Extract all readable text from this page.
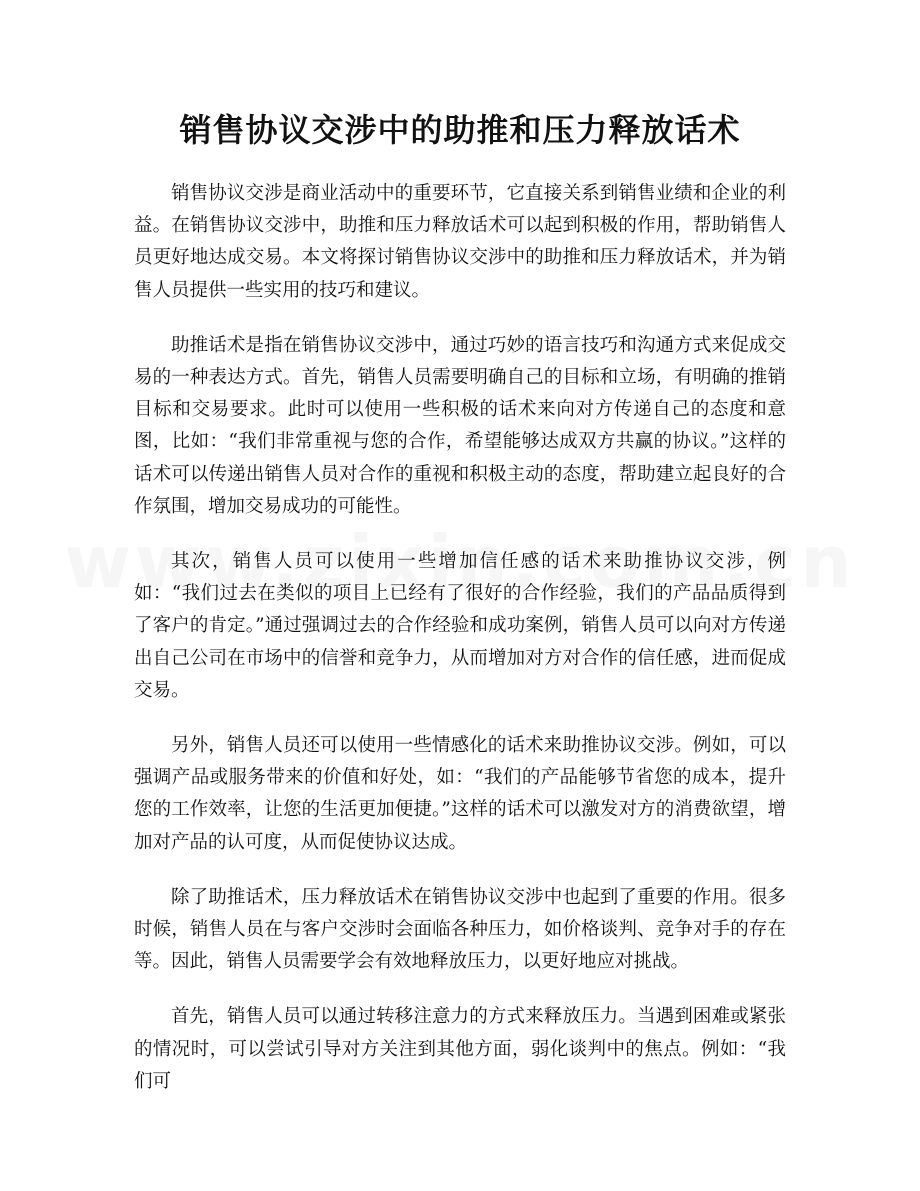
销售协议交涉中的助推和压力释放话术

销售协议交涉是商业活动中的重要环节，它直接关系到销售业绩和企业的利益。在销售协议交涉中，助推和压力释放话术可以起到积极的作用，帮助销售人员更好地达成交易。本文将探讨销售协议交涉中的助推和压力释放话术，并为销售人员提供一些实用的技巧和建议。

助推话术是指在销售协议交涉中，通过巧妙的语言技巧和沟通方式来促成交易的一种表达方式。首先，销售人员需要明确自己的目标和立场，有明确的推销目标和交易要求。此时可以使用一些积极的话术来向对方传递自己的态度和意图，比如：“我们非常重视与您的合作，希望能够达成双方共赢的协议。”这样的话术可以传递出销售人员对合作的重视和积极主动的态度，帮助建立起良好的合作氛围，增加交易成功的可能性。

其次，销售人员可以使用一些增加信任感的话术来助推协议交涉，例如：“我们过去在类似的项目上已经有了很好的合作经验，我们的产品品质得到了客户的肯定。”通过强调过去的合作经验和成功案例，销售人员可以向对方传递出自己公司在市场中的信誉和竞争力，从而增加对方对合作的信任感，进而促成交易。

另外，销售人员还可以使用一些情感化的话术来助推协议交涉。例如，可以强调产品或服务带来的价值和好处，如：“我们的产品能够节省您的成本，提升您的工作效率，让您的生活更加便捷。”这样的话术可以激发对方的消费欲望，增加对产品的认可度，从而促使协议达成。

除了助推话术，压力释放话术在销售协议交涉中也起到了重要的作用。很多时候，销售人员在与客户交涉时会面临各种压力，如价格谈判、竞争对手的存在等。因此，销售人员需要学会有效地释放压力，以更好地应对挑战。

首先，销售人员可以通过转移注意力的方式来释放压力。当遇到困难或紧张的情况时，可以尝试引导对方关注到其他方面，弱化谈判中的焦点。例如：“我们可
